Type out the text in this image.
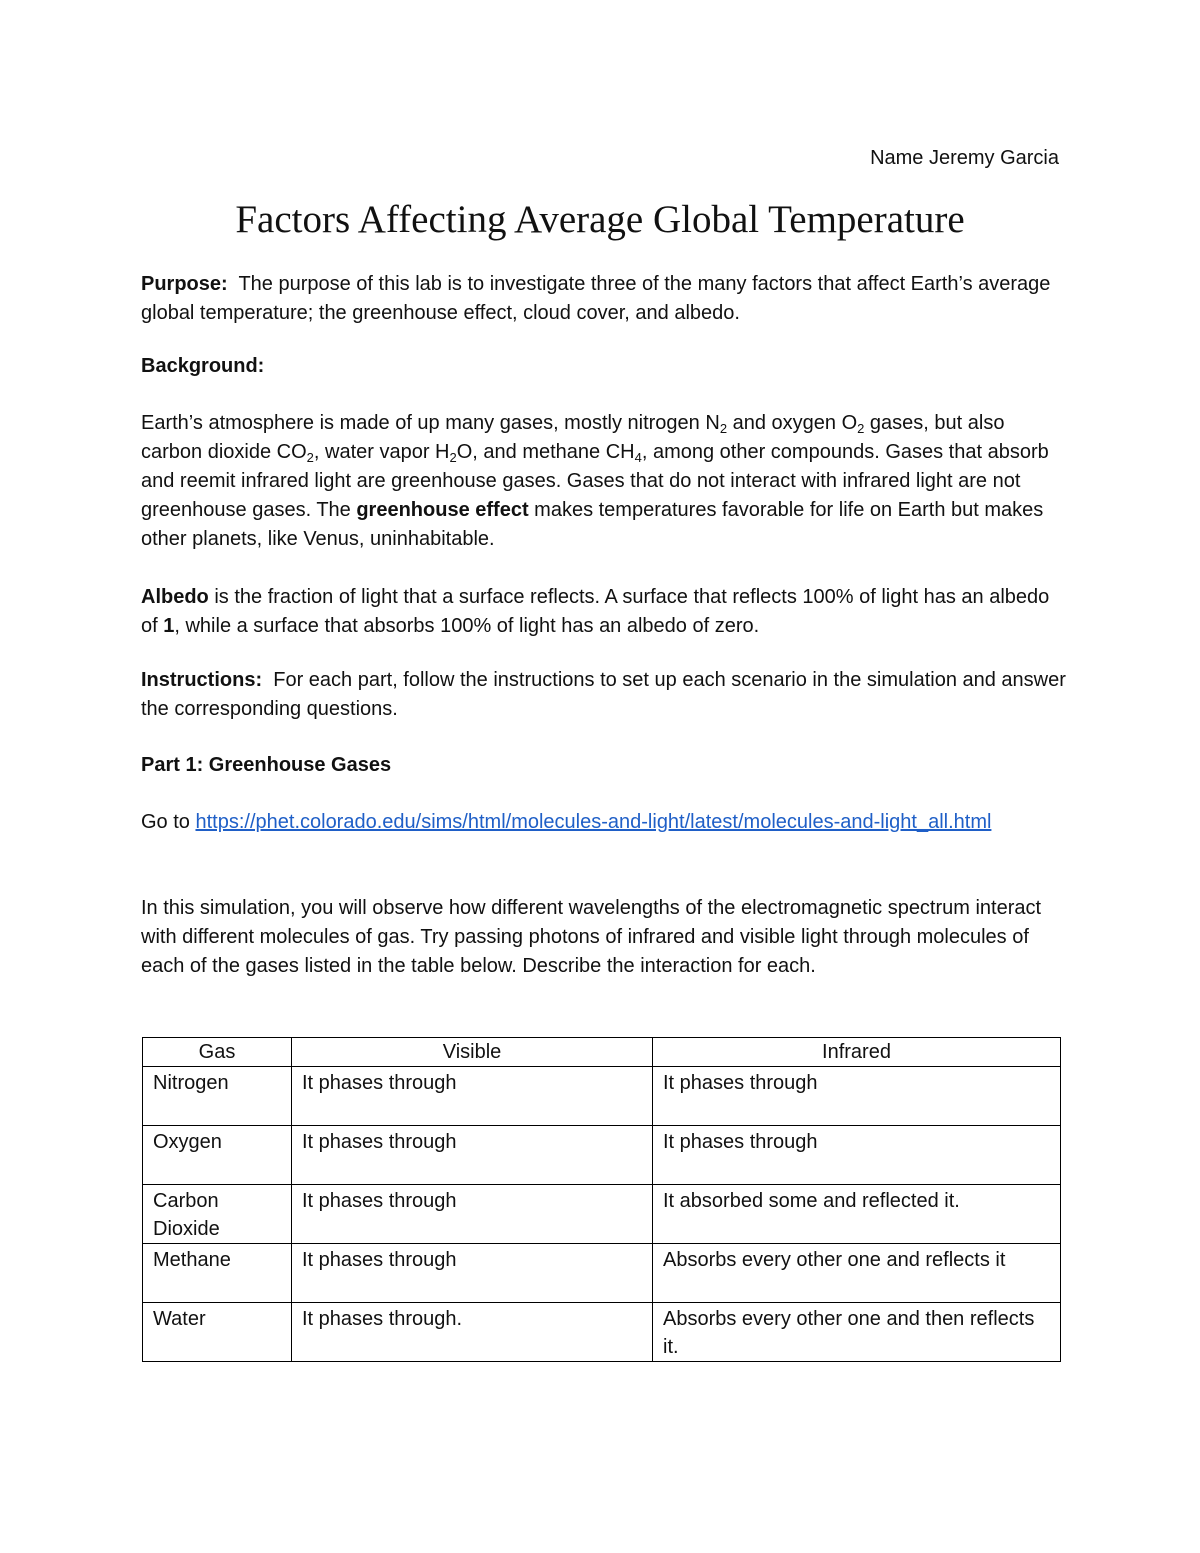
Name Jeremy Garcia
Factors Affecting Average Global Temperature

Purpose: The purpose of this lab is to investigate three of the many factors that affect Earth’s average global temperature; the greenhouse effect, cloud cover, and albedo.

Background:

Earth’s atmosphere is made of up many gases, mostly nitrogen $N_2$ and oxygen $O_2$ gases, but also carbon dioxide $CO_2$, water vapor $H_2O$, and methane $CH_4$, among other compounds. Gases that absorb and reemit infrared light are greenhouse gases. Gases that do not interact with infrared light are not greenhouse gases. The greenhouse effect makes temperatures favorable for life on Earth but makes other planets, like Venus, uninhabitable.

Albedo is the fraction of light that a surface reflects. A surface that reflects 100% of light has an albedo of 1, while a surface that absorbs 100% of light has an albedo of zero.

Instructions: For each part, follow the instructions to set up each scenario in the simulation and answer the corresponding questions.

Part 1: Greenhouse Gases

Go to https://phet.colorado.edu/sims/html/molecules-and-light/latest/molecules-and-light_all.html

In this simulation, you will observe how different wavelengths of the electromagnetic spectrum interact with different molecules of gas. Try passing photons of infrared and visible light through molecules of each of the gases listed in the table below. Describe the interaction for each.

Gas	Visible	Infrared
Nitrogen	It phases through	It phases through
Oxygen	It phases through	It phases through
Carbon Dioxide	It phases through	It absorbed some and reflected it.
Methane	It phases through	Absorbs every other one and reflects it
Water	It phases through.	Absorbs every other one and then reflects it.
